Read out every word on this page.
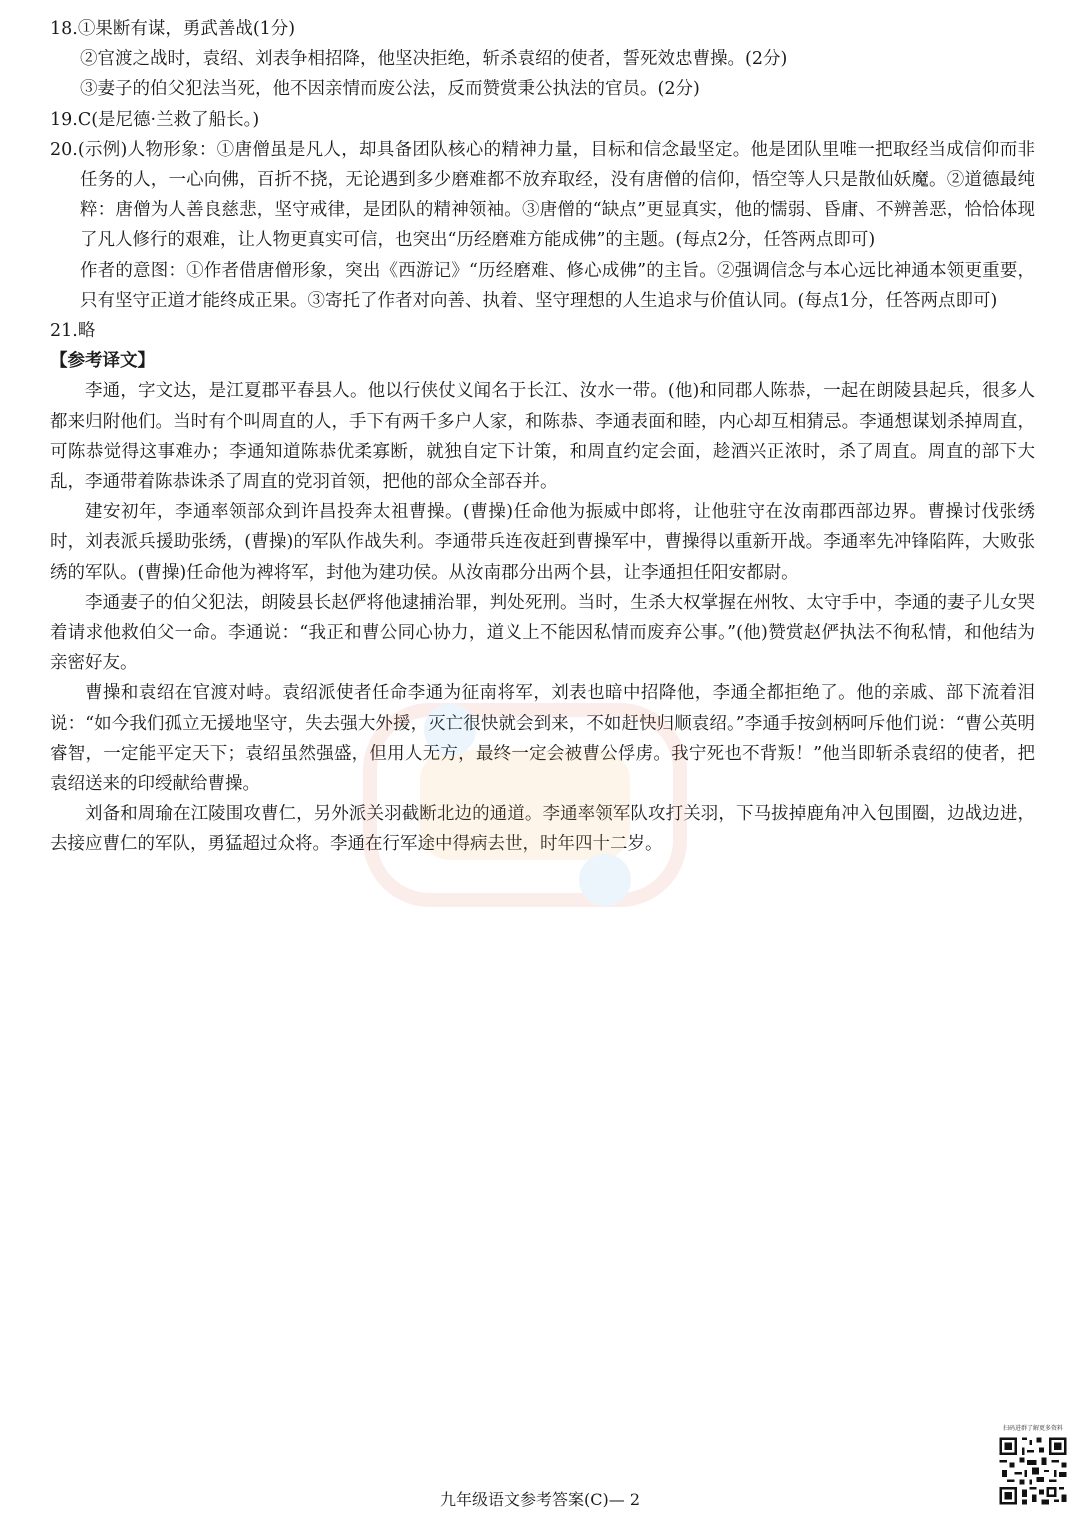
18.①果断有谋，勇武善战(1分)
②官渡之战时，袁绍、刘表争相招降，他坚决拒绝，斩杀袁绍的使者，誓死效忠曹操。(2分)
③妻子的伯父犯法当死，他不因亲情而废公法，反而赞赏秉公执法的官员。(2分)
19.C(是尼德·兰救了船长。)
20.(示例)人物形象：①唐僧虽是凡人，却具备团队核心的精神力量，目标和信念最坚定。他是团队里唯一把取经当成信仰而非任务的人，一心向佛，百折不挠，无论遇到多少磨难都不放弃取经，没有唐僧的信仰，悟空等人只是散仙妖魔。②道德最纯粹：唐僧为人善良慈悲，坚守戒律，是团队的精神领袖。③唐僧的“缺点”更显真实，他的懦弱、昏庸、不辨善恶，恰恰体现了凡人修行的艰难，让人物更真实可信，也突出“历经磨难方能成佛”的主题。(每点2分，任答两点即可)
作者的意图：①作者借唐僧形象，突出《西游记》“历经磨难、修心成佛”的主旨。②强调信念与本心远比神通本领更重要，只有坚守正道才能终成正果。③寄托了作者对向善、执着、坚守理想的人生追求与价值认同。(每点1分，任答两点即可)
21.略
【参考译文】
李通，字文达，是江夏郡平春县人。他以行侠仗义闻名于长江、汝水一带。(他)和同郡人陈恭，一起在朗陵县起兵，很多人都来归附他们。当时有个叫周直的人，手下有两千多户人家，和陈恭、李通表面和睦，内心却互相猜忌。李通想谋划杀掉周直，可陈恭觉得这事难办；李通知道陈恭优柔寡断，就独自定下计策，和周直约定会面，趁酒兴正浓时，杀了周直。周直的部下大乱，李通带着陈恭诛杀了周直的党羽首领，把他的部众全部吞并。
建安初年，李通率领部众到许昌投奔太祖曹操。(曹操)任命他为振威中郎将，让他驻守在汝南郡西部边界。曹操讨伐张绣时，刘表派兵援助张绣，(曹操)的军队作战失利。李通带兵连夜赶到曹操军中，曹操得以重新开战。李通率先冲锋陷阵，大败张绣的军队。(曹操)任命他为裨将军，封他为建功侯。从汝南郡分出两个县，让李通担任阳安都尉。
李通妻子的伯父犯法，朗陵县长赵俨将他逮捕治罪，判处死刑。当时，生杀大权掌握在州牧、太守手中，李通的妻子儿女哭着请求他救伯父一命。李通说：“我正和曹公同心协力，道义上不能因私情而废弃公事。”(他)赞赏赵俨执法不徇私情，和他结为亲密好友。
曹操和袁绍在官渡对峙。袁绍派使者任命李通为征南将军，刘表也暗中招降他，李通全都拒绝了。他的亲戚、部下流着泪说：“如今我们孤立无援地坚守，失去强大外援，灭亡很快就会到来，不如赶快归顺袁绍。”李通手按剑柄呵斥他们说：“曹公英明睿智，一定能平定天下；袁绍虽然强盛，但用人无方，最终一定会被曹公俘虏。我宁死也不背叛！”他当即斩杀袁绍的使者，把袁绍送来的印绶献给曹操。
刘备和周瑜在江陵围攻曹仁，另外派关羽截断北边的通道。李通率领军队攻打关羽，下马拔掉鹿角冲入包围圈，边战边进，去接应曹仁的军队，勇猛超过众将。李通在行军途中得病去世，时年四十二岁。
九年级语文参考答案(C)— 2
扫码进群了解更多资料
